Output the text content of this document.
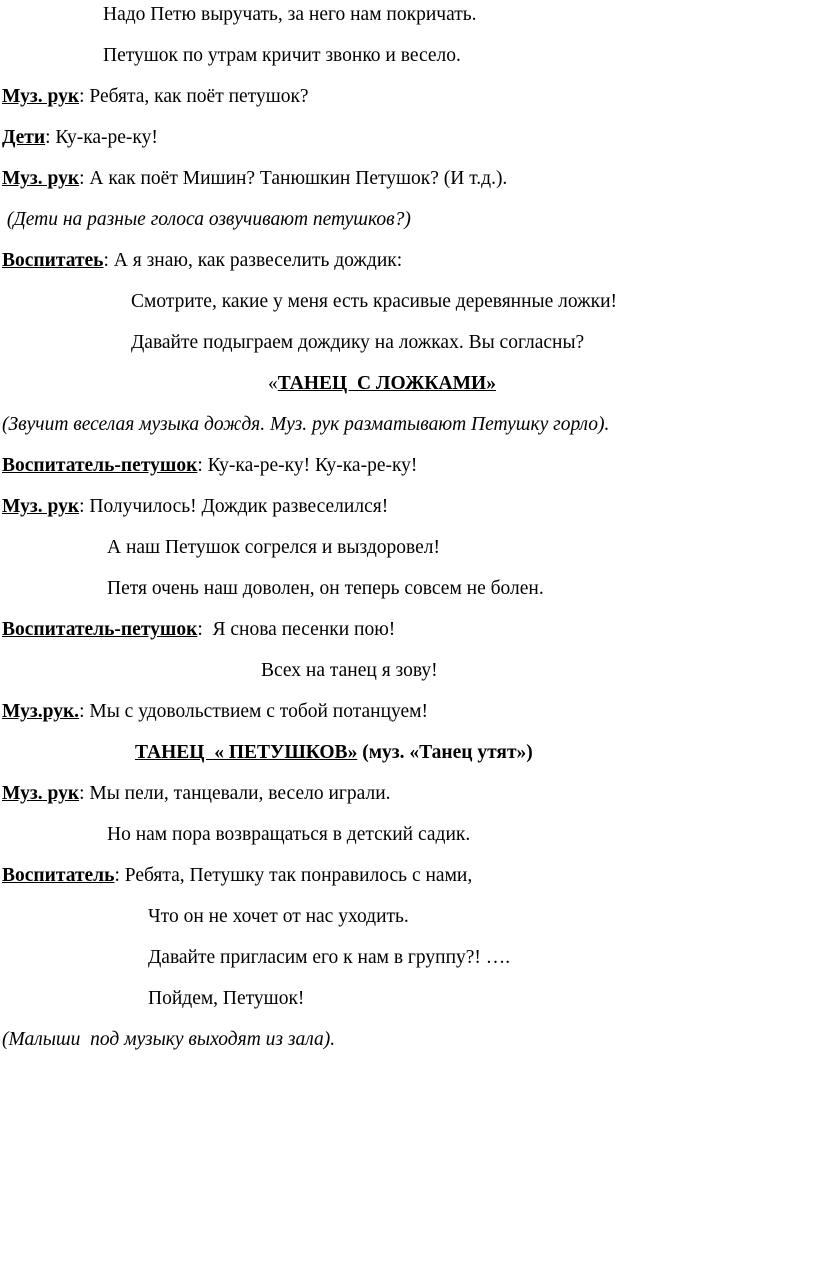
Надо Петю выручать, за него нам покричать.
Петушок по утрам кричит звонко и весело.
Муз. рук: Ребята, как поёт петушок?
Дети: Ку-ка-ре-ку!
Муз. рук: А как поёт Мишин? Танюшкин Петушок? (И т.д.).
(Дети на разные голоса озвучивают петушков?)
Воспитатеь: А я знаю, как развеселить дождик:
Смотрите, какие у меня есть красивые деревянные ложки!
Давайте подыграем дождику на ложках. Вы согласны?
«ТАНЕЦ  С ЛОЖКАМИ»
(Звучит веселая музыка дождя. Муз. рук разматывают Петушку горло).
Воспитатель-петушок: Ку-ка-ре-ку! Ку-ка-ре-ку!
Муз. рук: Получилось! Дождик развеселился!
А наш Петушок согрелся и выздоровел!
Петя очень наш доволен, он теперь совсем не болен.
Воспитатель-петушок:  Я снова песенки пою!
Всех на танец я зову!
Муз.рук.: Мы с удовольствием с тобой потанцуем!
ТАНЕЦ  « ПЕТУШКОВ» (муз. «Танец утят»)
Муз. рук: Мы пели, танцевали, весело играли.
Но нам пора возвращаться в детский садик.
Воспитатель: Ребята, Петушку так понравилось с нами,
Что он не хочет от нас уходить.
Давайте пригласим его к нам в группу?! ….
Пойдем, Петушок!
(Малыши  под музыку выходят из зала).
